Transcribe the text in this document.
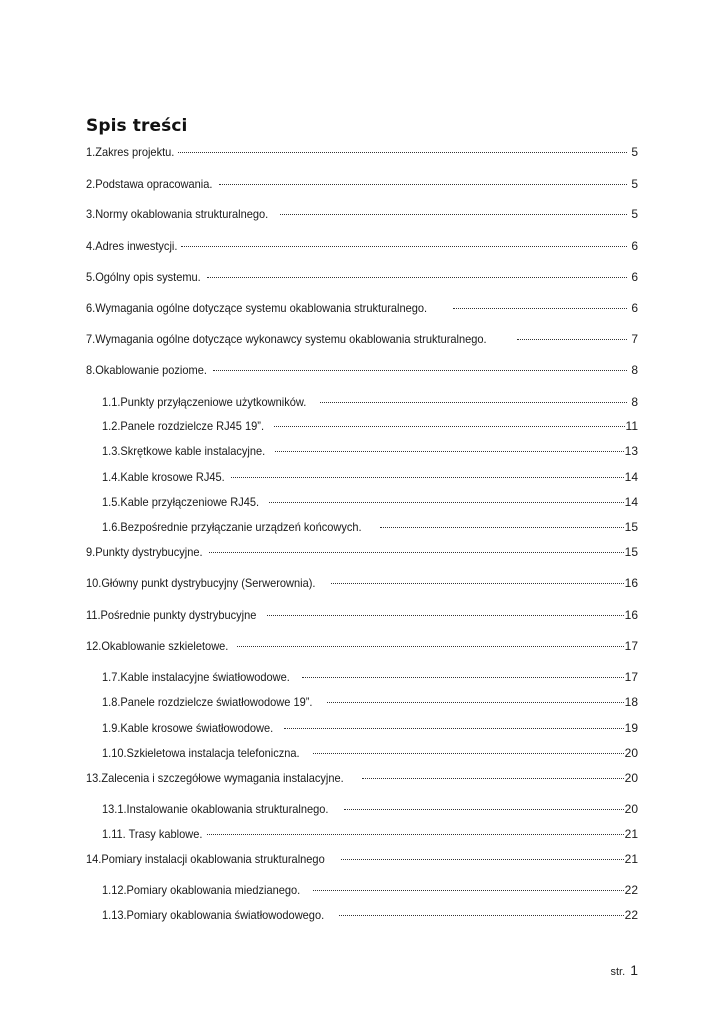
Spis treści
1.Zakres projektu.	5
2.Podstawa opracowania.	5
3.Normy okablowania strukturalnego.	5
4.Adres inwestycji.	6
5.Ogólny opis systemu.	6
6.Wymagania ogólne dotyczące systemu okablowania strukturalnego.	6
7.Wymagania ogólne dotyczące wykonawcy systemu okablowania strukturalnego.	7
8.Okablowanie poziome.	8
1.1.Punkty przyłączeniowe użytkowników.	8
1.2.Panele rozdzielcze RJ45 19”.	11
1.3.Skrętkowe kable instalacyjne.	13
1.4.Kable krosowe RJ45.	14
1.5.Kable przyłączeniowe RJ45.	14
1.6.Bezpośrednie przyłączanie urządzeń końcowych.	15
9.Punkty dystrybucyjne.	15
10.Główny punkt dystrybucyjny (Serwerownia).	16
11.Pośrednie punkty dystrybucyjne	16
12.Okablowanie szkieletowe.	17
1.7.Kable instalacyjne światłowodowe.	17
1.8.Panele rozdzielcze światłowodowe 19”.	18
1.9.Kable krosowe światłowodowe.	19
1.10.Szkieletowa instalacja telefoniczna.	20
13.Zalecenia i szczegółowe wymagania instalacyjne.	20
13.1.Instalowanie okablowania strukturalnego.	20
1.11. Trasy kablowe.	21
14.Pomiary instalacji okablowania strukturalnego	21
1.12.Pomiary okablowania miedzianego.	22
1.13.Pomiary okablowania światłowodowego.	22
str. 1
